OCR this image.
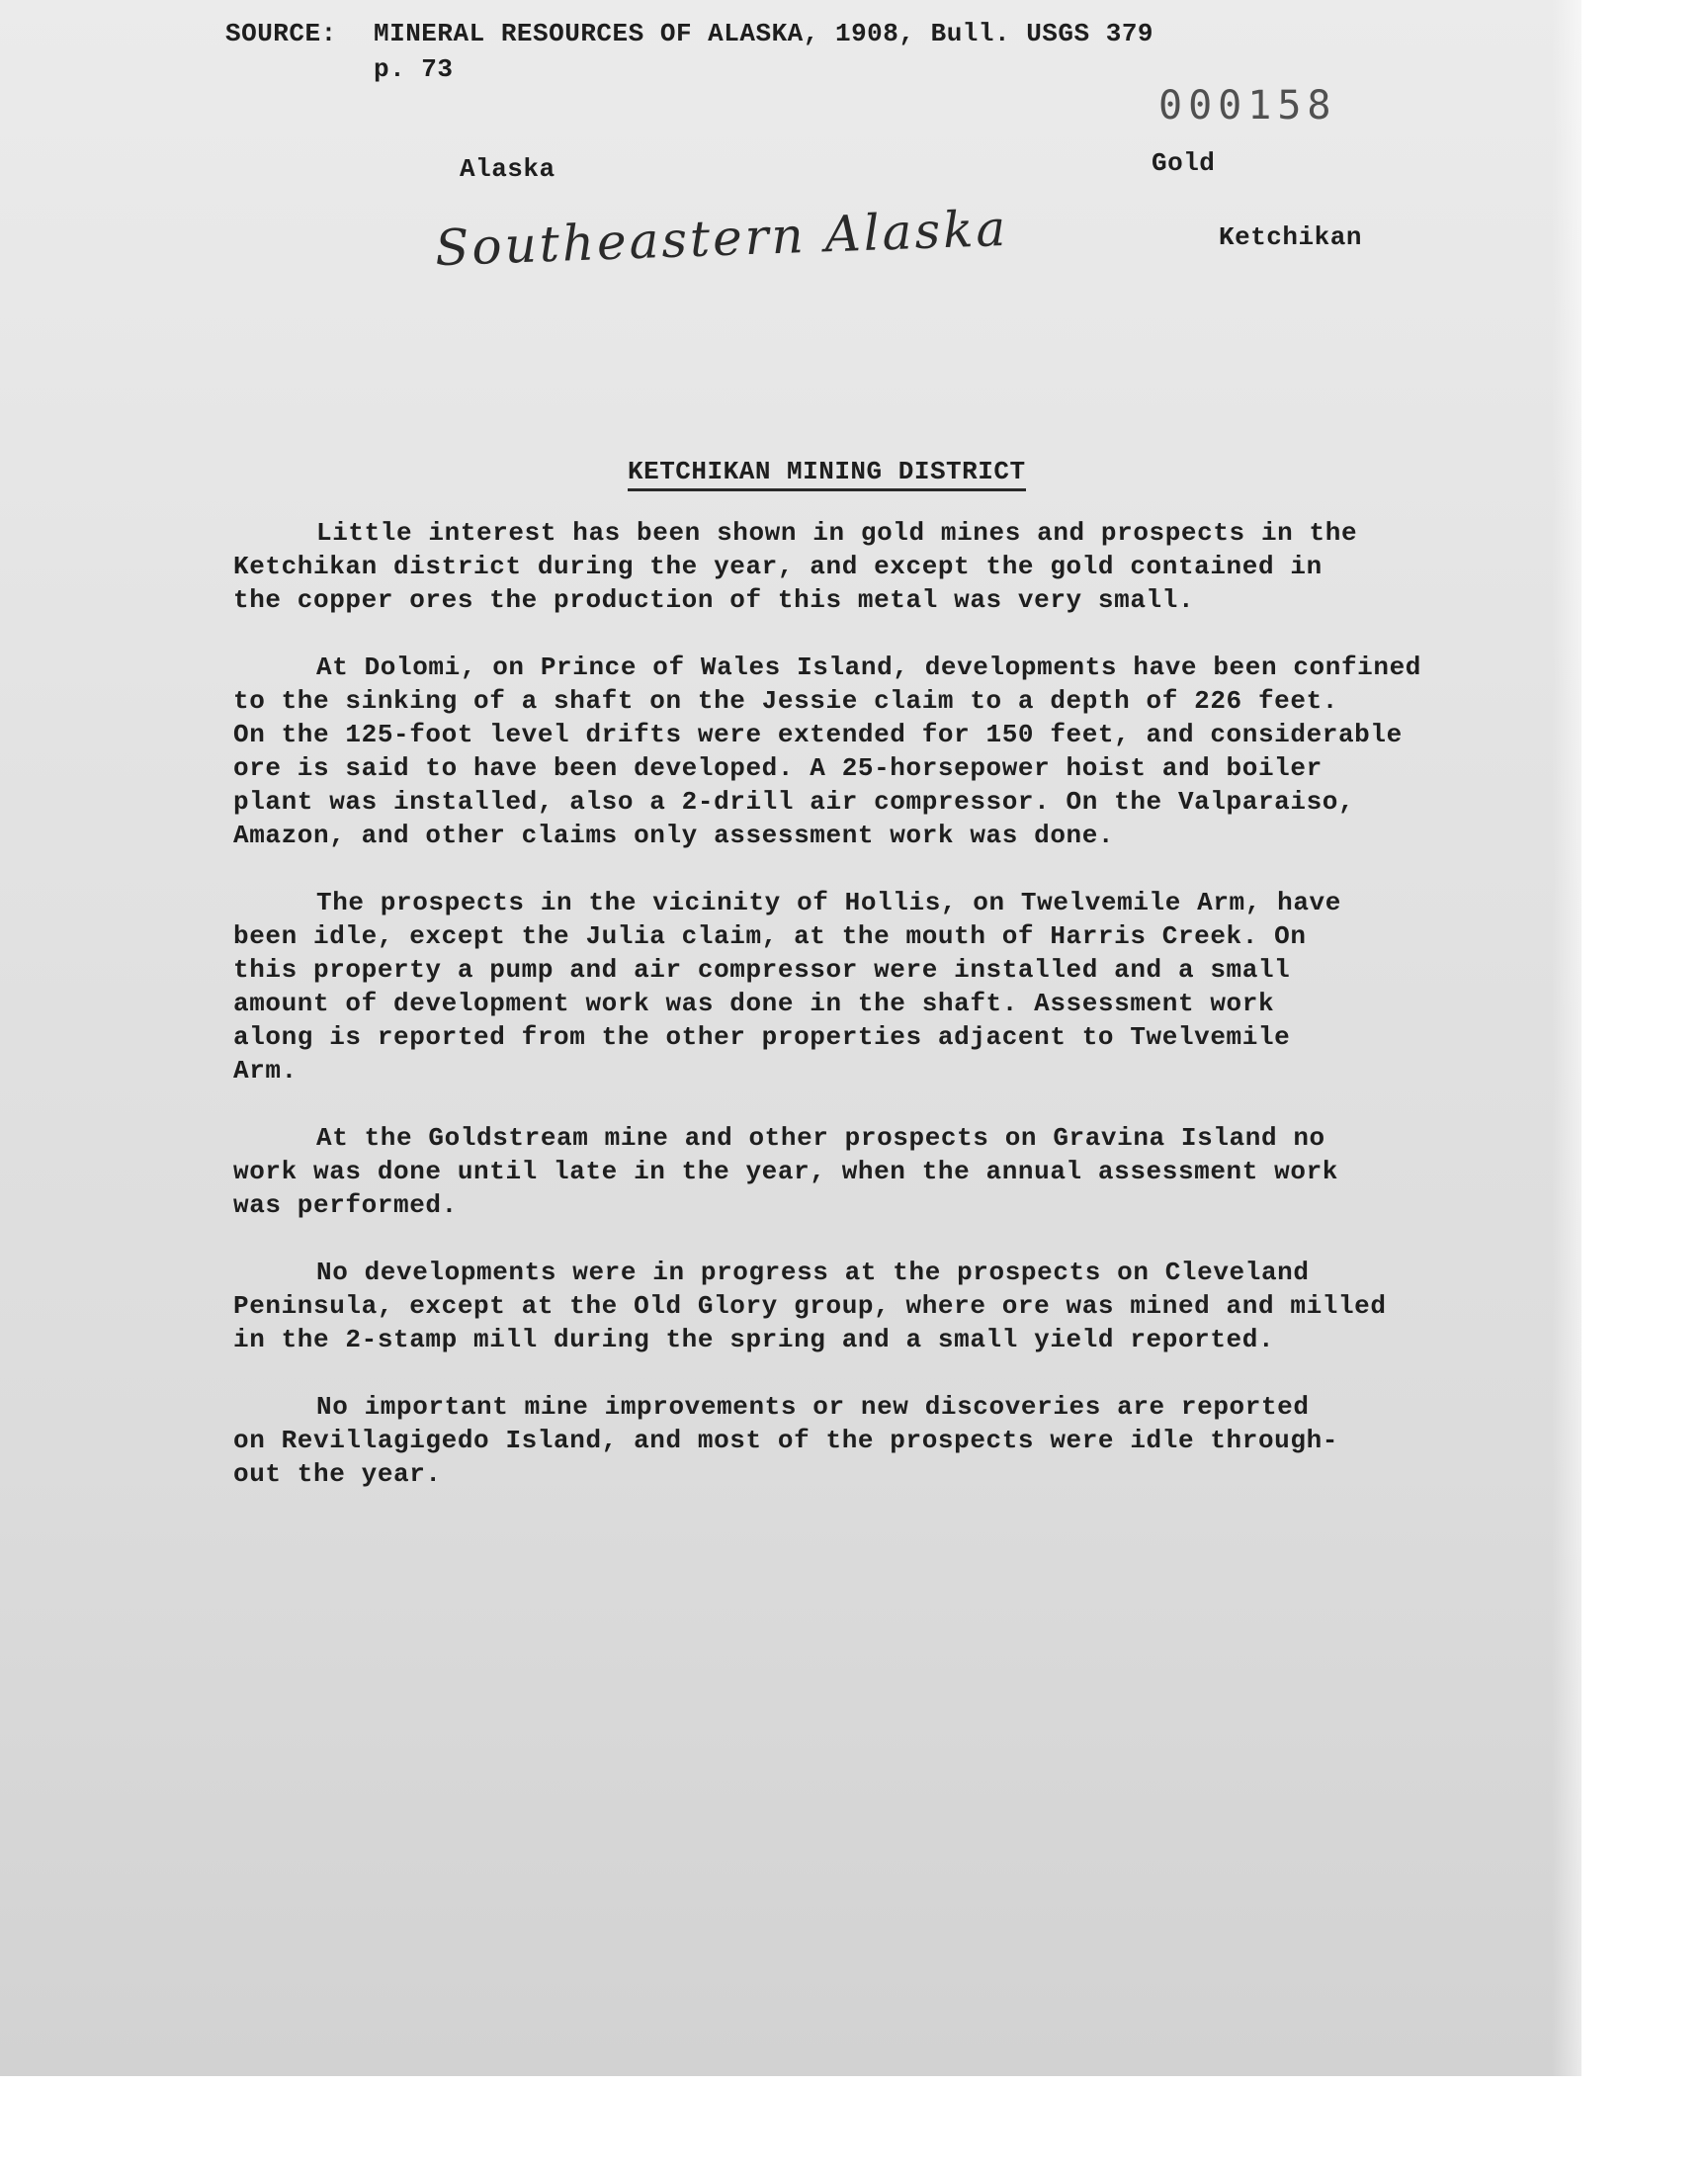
SOURCE: MINERAL RESOURCES OF ALASKA, 1908, Bull. USGS 379
p. 73

000158

Alaska	Gold

Ketchikan

Southeastern Alaska

KETCHIKAN MINING DISTRICT

Little interest has been shown in gold mines and prospects in the
Ketchikan district during the year, and except the gold contained in
the copper ores the production of this metal was very small.
At Dolomi, on Prince of Wales Island, developments have been confined
to the sinking of a shaft on the Jessie claim to a depth of 226 feet.
On the 125-foot level drifts were extended for 150 feet, and considerable
ore is said to have been developed. A 25-horsepower hoist and boiler
plant was installed, also a 2-drill air compressor. On the Valparaiso,
Amazon, and other claims only assessment work was done.
The prospects in the vicinity of Hollis, on Twelvemile Arm, have
been idle, except the Julia claim, at the mouth of Harris Creek. On
this property a pump and air compressor were installed and a small
amount of development work was done in the shaft. Assessment work
along is reported from the other properties adjacent to Twelvemile
Arm.
At the Goldstream mine and other prospects on Gravina Island no
work was done until late in the year, when the annual assessment work
was performed.
No developments were in progress at the prospects on Cleveland
Peninsula, except at the Old Glory group, where ore was mined and milled
in the 2-stamp mill during the spring and a small yield reported.
No important mine improvements or new discoveries are reported
on Revillagigedo Island, and most of the prospects were idle through-
out the year.
